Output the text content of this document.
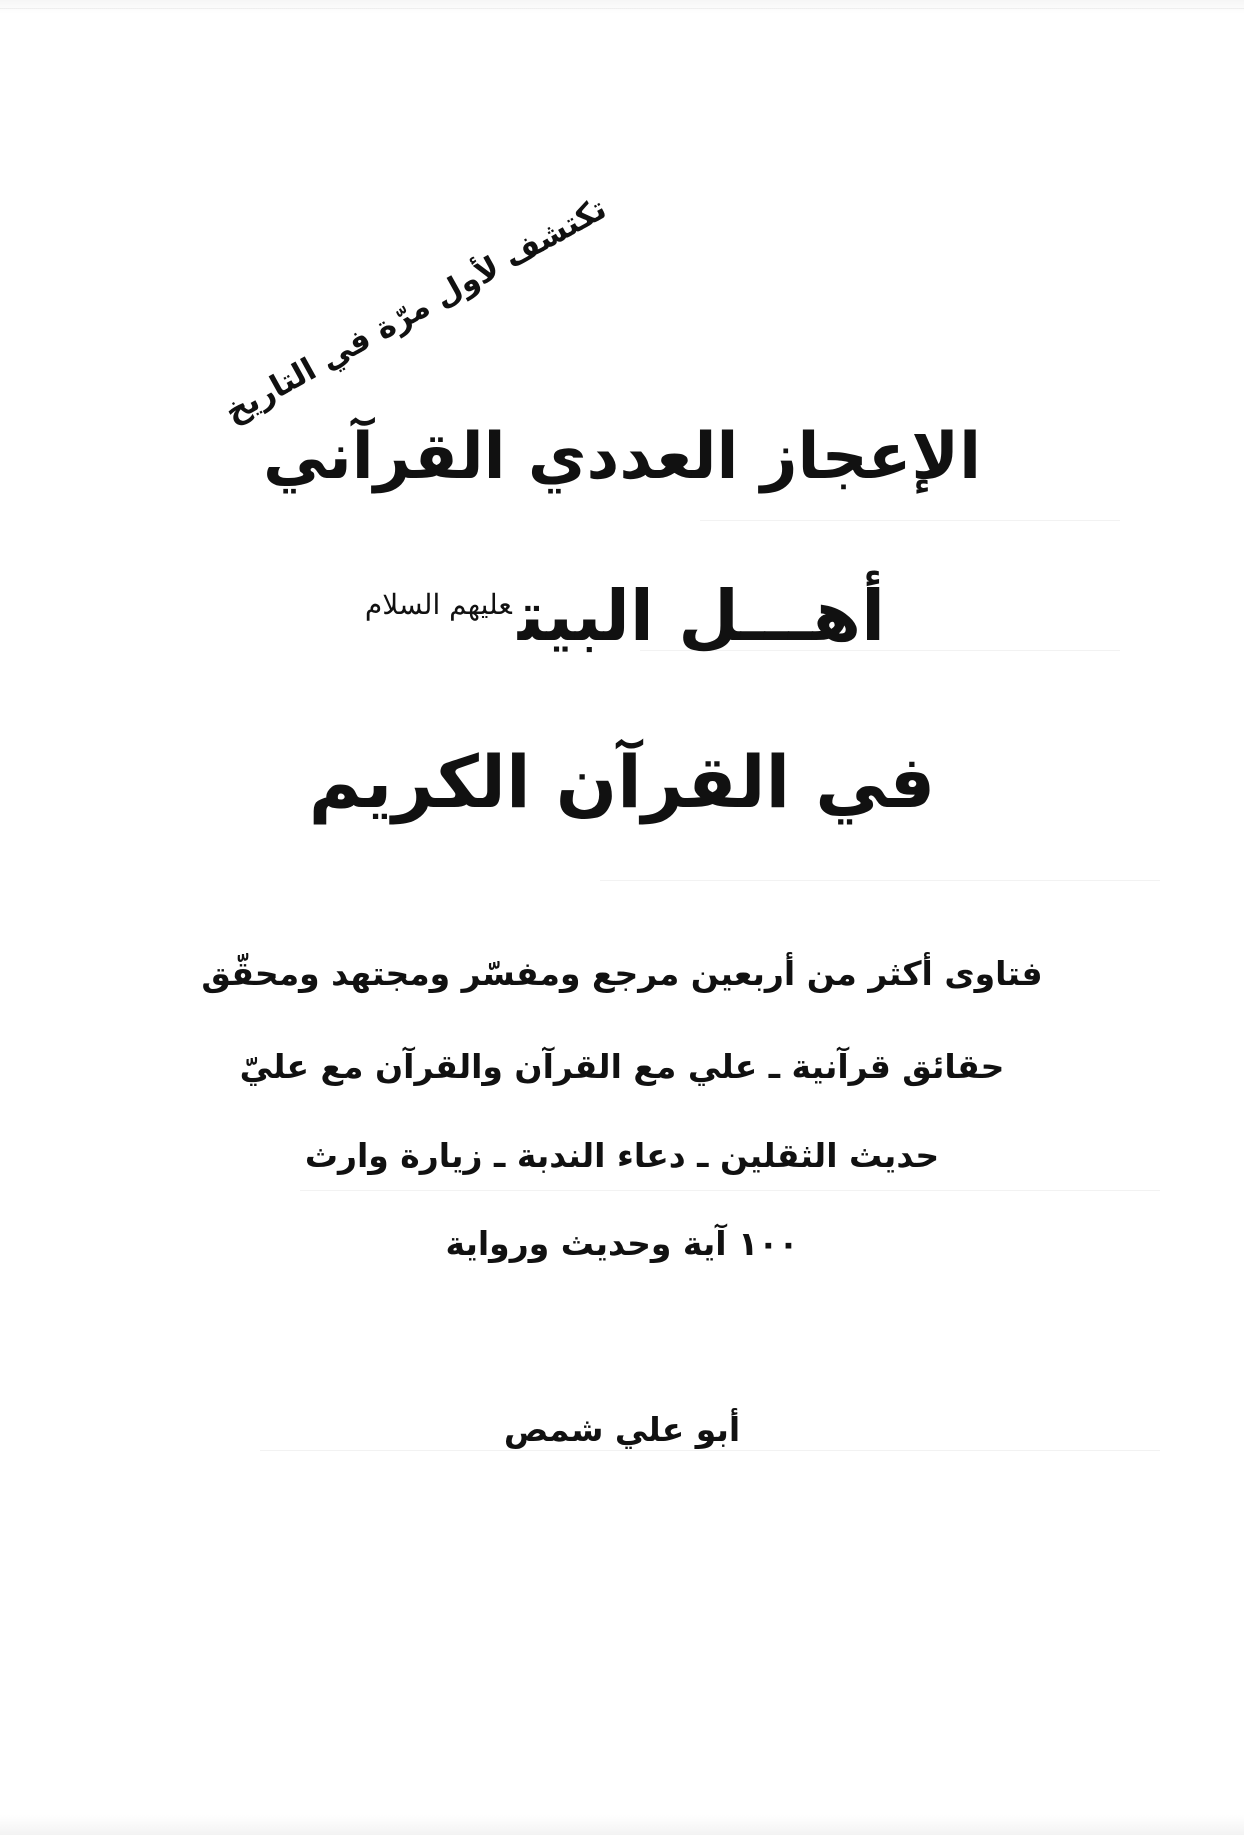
تكتشف لأول مرّة في التاريخ
الإعجاز العددي القرآني
أهـــل البيت$^{عليهم السلام}$
في القرآن الكريم
فتاوى أكثر من أربعين مرجع ومفسّر ومجتهد ومحقّق
حقائق قرآنية ـ علي مع القرآن والقرآن مع عليّ
حديث الثقلين ـ دعاء الندبة ـ زيارة وارث
١٠٠ آية وحديث ورواية
أبو علي شمص
